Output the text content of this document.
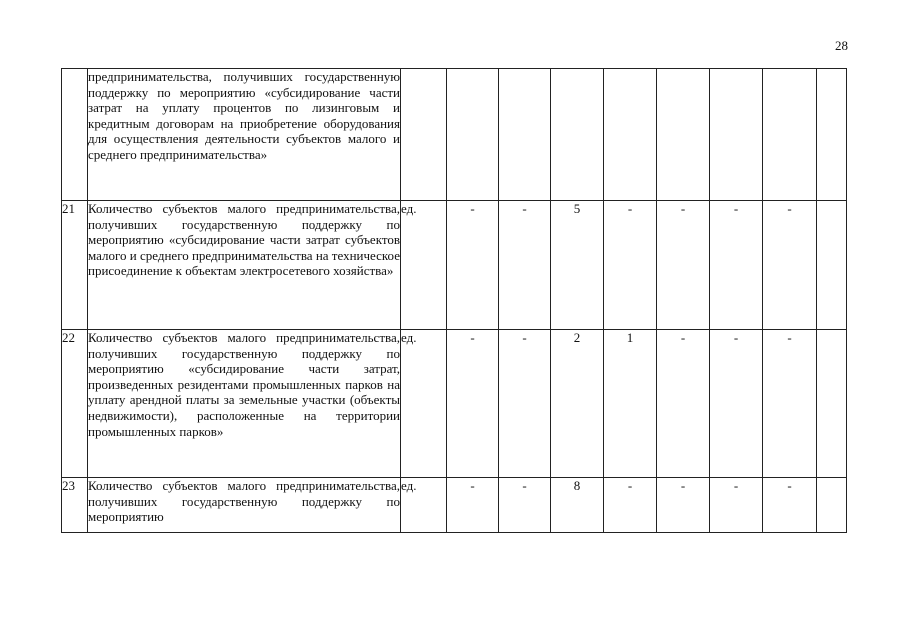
28

	предпринимательства, получивших государственную поддержку по мероприятию «субсидирование части затрат на уплату процентов по лизинговым и кредитным договорам на приобретение оборудования для осуществления деятельности субъектов малого и среднего предпринимательства»									

21	Количество субъектов малого предпринимательства, получивших государственную поддержку по мероприятию «субсидирование части затрат субъектов малого и среднего предпринимательства на техническое присоединение к объектам электросетевого хозяйства»	ед.	-	-	5	-	-	-	-	
22	Количество субъектов малого предпринимательства, получивших государственную поддержку по мероприятию «субсидирование части затрат, произведенных резидентами промышленных парков на уплату арендной платы за земельные участки (объекты недвижимости), расположенные на территории промышленных парков»	ед.	-	-	2	1	-	-	-	
23	Количество субъектов малого предпринимательства, получивших государственную поддержку по мероприятию	ед.	-	-	8	-	-	-	-	
